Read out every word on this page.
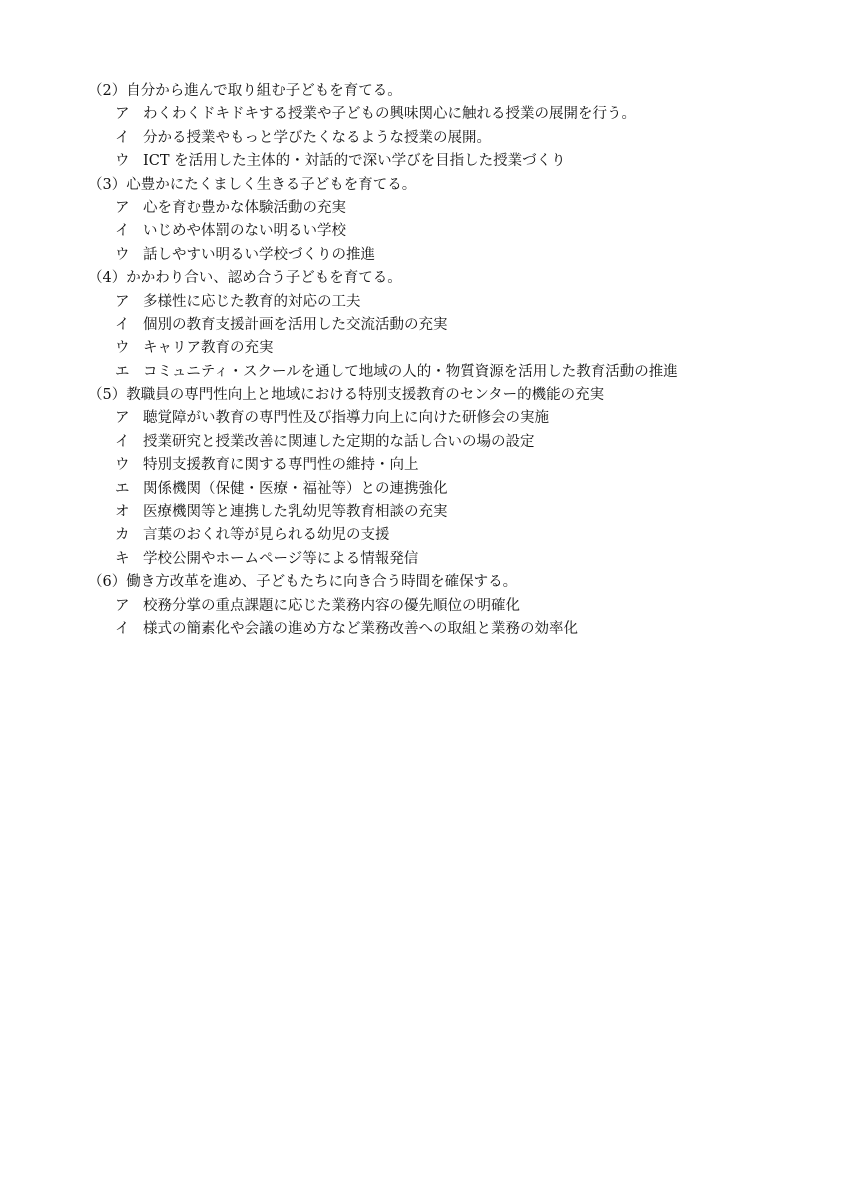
（2）自分から進んで取り組む子どもを育てる。
ア わくわくドキドキする授業や子どもの興味関心に触れる授業の展開を行う。
イ 分かる授業やもっと学びたくなるような授業の展開。
ウ ICT を活用した主体的・対話的で深い学びを目指した授業づくり
（3）心豊かにたくましく生きる子どもを育てる。
ア 心を育む豊かな体験活動の充実
イ いじめや体罰のない明るい学校
ウ 話しやすい明るい学校づくりの推進
（4）かかわり合い、認め合う子どもを育てる。
ア 多様性に応じた教育的対応の工夫
イ 個別の教育支援計画を活用した交流活動の充実
ウ キャリア教育の充実
エ コミュニティ・スクールを通して地域の人的・物質資源を活用した教育活動の推進
（5）教職員の専門性向上と地域における特別支援教育のセンター的機能の充実
ア 聴覚障がい教育の専門性及び指導力向上に向けた研修会の実施
イ 授業研究と授業改善に関連した定期的な話し合いの場の設定
ウ 特別支援教育に関する専門性の維持・向上
エ 関係機関（保健・医療・福祉等）との連携強化
オ 医療機関等と連携した乳幼児等教育相談の充実
カ 言葉のおくれ等が見られる幼児の支援
キ 学校公開やホームページ等による情報発信
（6）働き方改革を進め、子どもたちに向き合う時間を確保する。
ア 校務分掌の重点課題に応じた業務内容の優先順位の明確化
イ 様式の簡素化や会議の進め方など業務改善への取組と業務の効率化
